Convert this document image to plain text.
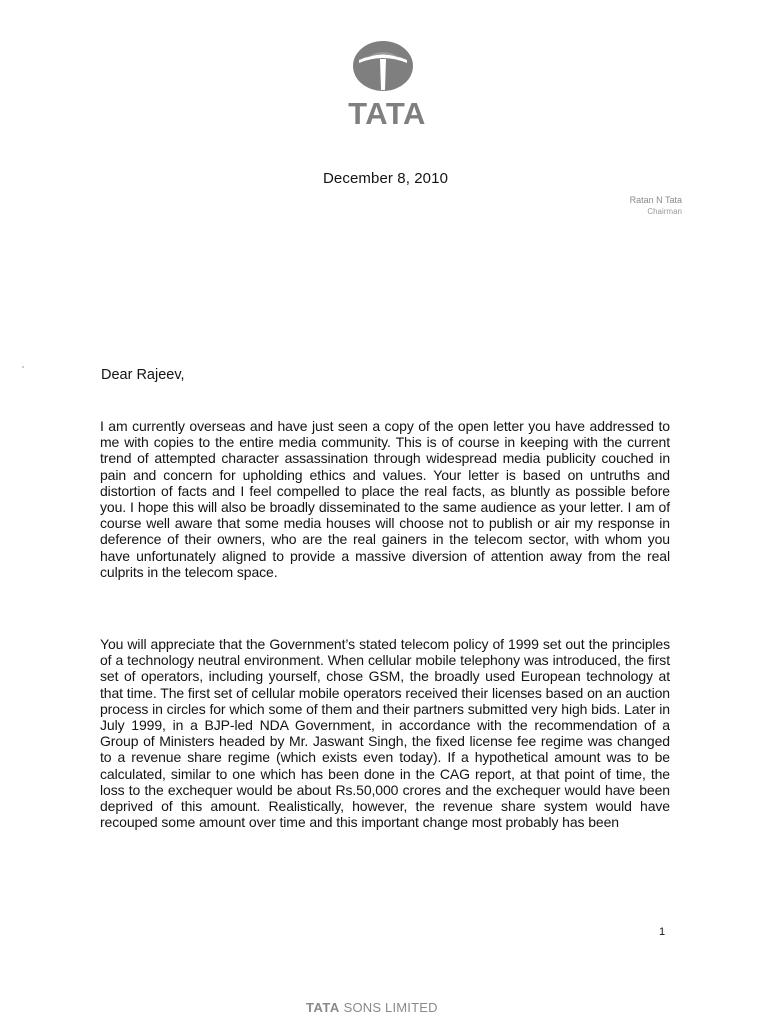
TATA
December 8, 2010
Ratan N Tata
Chairman
Dear Rajeev,

I am currently overseas and have just seen a copy of the open letter you have addressed to me with copies to the entire media community. This is of course in keeping with the current trend of attempted character assassination through widespread media publicity couched in pain and concern for upholding ethics and values. Your letter is based on untruths and distortion of facts and I feel compelled to place the real facts, as bluntly as possible before you. I hope this will also be broadly disseminated to the same audience as your letter. I am of course well aware that some media houses will choose not to publish or air my response in deference of their owners, who are the real gainers in the telecom sector, with whom you have unfortunately aligned to provide a massive diversion of attention away from the real culprits in the telecom space.

You will appreciate that the Government’s stated telecom policy of 1999 set out the principles of a technology neutral environment. When cellular mobile telephony was introduced, the first set of operators, including yourself, chose GSM, the broadly used European technology at that time. The first set of cellular mobile operators received their licenses based on an auction process in circles for which some of them and their partners submitted very high bids. Later in July 1999, in a BJP-led NDA Government, in accordance with the recommendation of a Group of Ministers headed by Mr. Jaswant Singh, the fixed license fee regime was changed to a revenue share regime (which exists even today). If a hypothetical amount was to be calculated, similar to one which has been done in the CAG report, at that point of time, the loss to the exchequer would be about Rs.50,000 crores and the exchequer would have been deprived of this amount. Realistically, however, the revenue share system would have recouped some amount over time and this important change most probably has been

1
TATA SONS LIMITED
